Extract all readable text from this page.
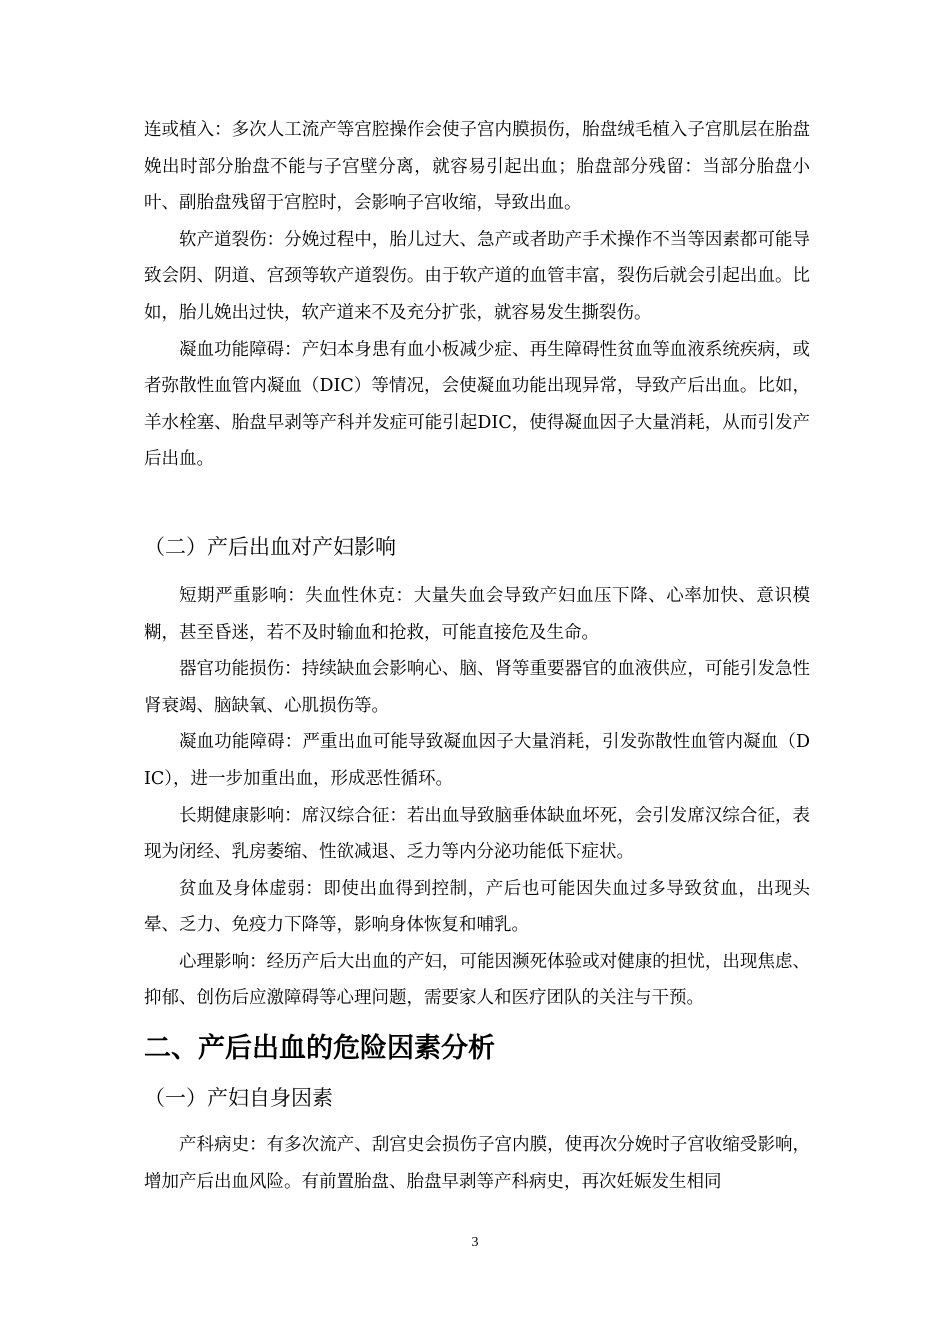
连或植入：多次人工流产等宫腔操作会使子宫内膜损伤，胎盘绒毛植入子宫肌层在胎盘娩出时部分胎盘不能与子宫壁分离，就容易引起出血；胎盘部分残留：当部分胎盘小叶、副胎盘残留于宫腔时，会影响子宫收缩，导致出血。

软产道裂伤：分娩过程中，胎儿过大、急产或者助产手术操作不当等因素都可能导致会阴、阴道、宫颈等软产道裂伤。由于软产道的血管丰富，裂伤后就会引起出血。比如，胎儿娩出过快，软产道来不及充分扩张，就容易发生撕裂伤。

凝血功能障碍：产妇本身患有血小板减少症、再生障碍性贫血等血液系统疾病，或者弥散性血管内凝血（DIC）等情况，会使凝血功能出现异常，导致产后出血。比如，羊水栓塞、胎盘早剥等产科并发症可能引起DIC，使得凝血因子大量消耗，从而引发产后出血。

（二）产后出血对产妇影响

短期严重影响：失血性休克：大量失血会导致产妇血压下降、心率加快、意识模糊，甚至昏迷，若不及时输血和抢救，可能直接危及生命。

器官功能损伤：持续缺血会影响心、脑、肾等重要器官的血液供应，可能引发急性肾衰竭、脑缺氧、心肌损伤等。

凝血功能障碍：严重出血可能导致凝血因子大量消耗，引发弥散性血管内凝血（DIC），进一步加重出血，形成恶性循环。

长期健康影响：席汉综合征：若出血导致脑垂体缺血坏死，会引发席汉综合征，表现为闭经、乳房萎缩、性欲减退、乏力等内分泌功能低下症状。

贫血及身体虚弱：即使出血得到控制，产后也可能因失血过多导致贫血，出现头晕、乏力、免疫力下降等，影响身体恢复和哺乳。

心理影响：经历产后大出血的产妇，可能因濒死体验或对健康的担忧，出现焦虑、抑郁、创伤后应激障碍等心理问题，需要家人和医疗团队的关注与干预。

二、产后出血的危险因素分析
（一）产妇自身因素

产科病史：有多次流产、刮宫史会损伤子宫内膜，使再次分娩时子宫收缩受影响，增加产后出血风险。有前置胎盘、胎盘早剥等产科病史，再次妊娠发生相同

3
